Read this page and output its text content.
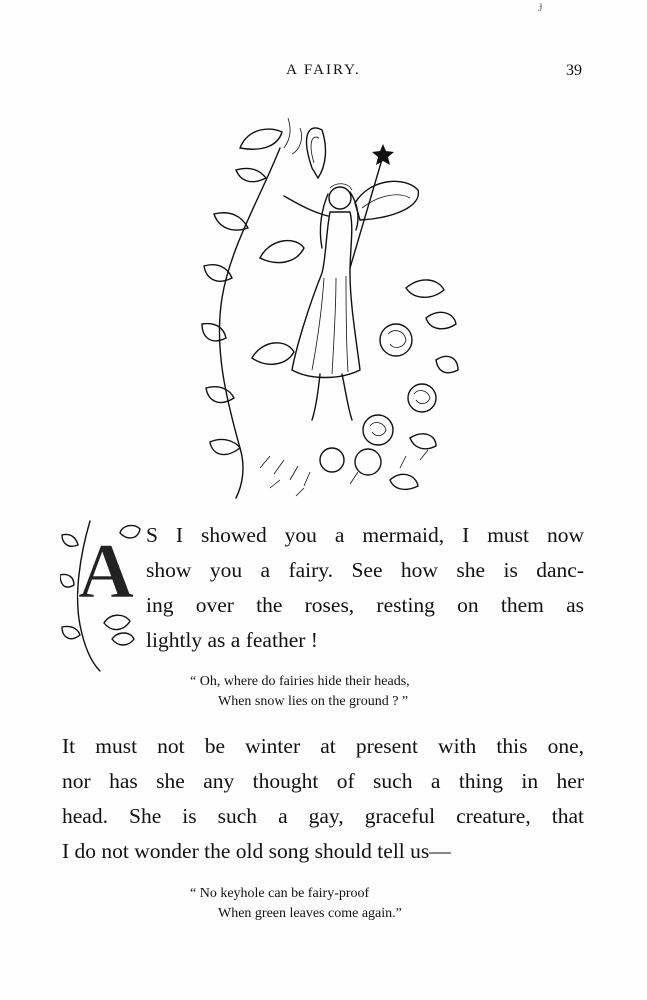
Ɉ
A FAIRY.	39
A S I showed you a mermaid, I must now
show you a fairy. See how she is danc-
ing over the roses, resting on them as
lightly as a feather !

“ Oh, where do fairies hide their heads,
When snow lies on the ground ? ”

It must not be winter at present with this one,
nor has she any thought of such a thing in her
head. She is such a gay, graceful creature, that
I do not wonder the old song should tell us—

“ No keyhole can be fairy-proof
When green leaves come again.”
